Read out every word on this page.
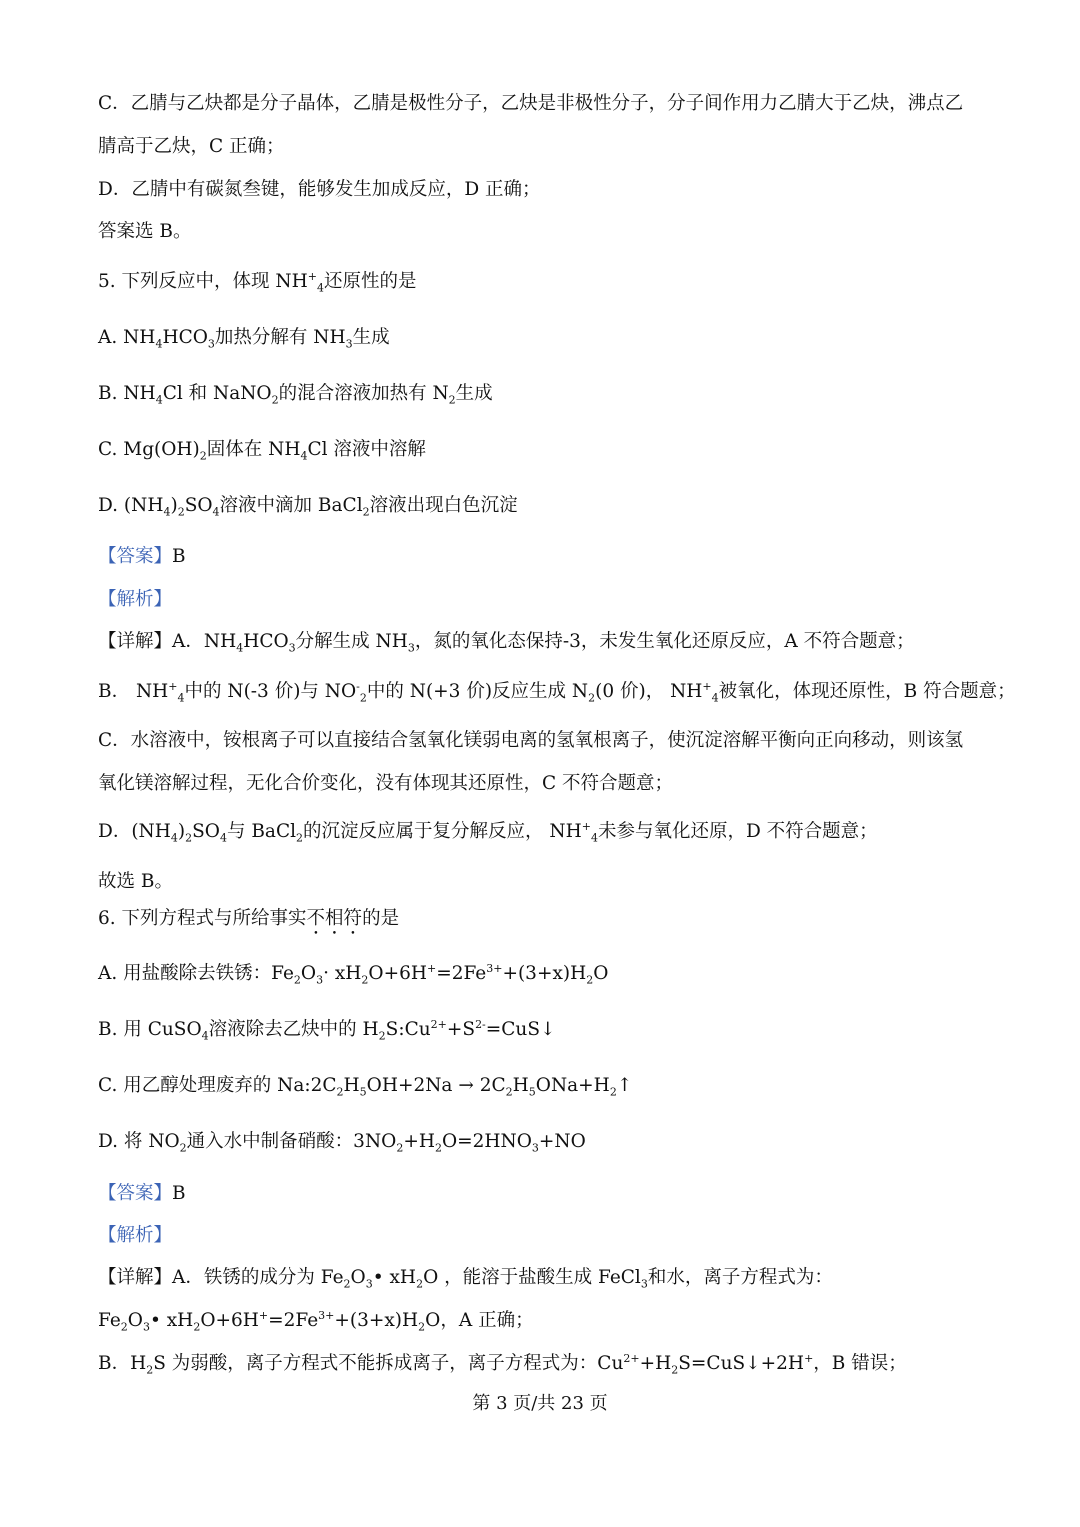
C．乙腈与乙炔都是分子晶体，乙腈是极性分子，乙炔是非极性分子，分子间作用力乙腈大于乙炔，沸点乙
腈高于乙炔，C 正确；
D．乙腈中有碳氮叁键，能够发生加成反应，D 正确；
答案选 B。
5. 下列反应中，体现 $NH^+_4$还原性的是
A. $NH_4HCO_3$加热分解有 $NH_3$生成
B. $NH_4Cl$ 和 NaNO$_2$的混合溶液加热有 $N_2$生成
C. $Mg(OH)_2$固体在 $NH_4Cl$ 溶液中溶解
D. $(NH_4)_2SO_4$溶液中滴加 BaCl$_2$溶液出现白色沉淀
【答案】B
【解析】
【详解】A．$NH_4HCO_3$分解生成 $NH_3$，氮的氧化态保持-3，未发生氧化还原反应，A 不符合题意；
B． $NH^+_4$中的 N(-3 价)与 $NO^-_2$中的 N(+3 价)反应生成 $N_2(0$ 价)， $NH^+_4$被氧化，体现还原性，B 符合题意；
C．水溶液中，铵根离子可以直接结合氢氧化镁弱电离的氢氧根离子，使沉淀溶解平衡向正向移动，则该氢
氧化镁溶解过程，无化合价变化，没有体现其还原性，C 不符合题意；
D．$(NH_4)_2SO_4$与 BaCl$_2$的沉淀反应属于复分解反应， $NH^+_4$未参与氧化还原，D 不符合题意；
故选 B。
6. 下列方程式与所给事实不相符的是
A. 用盐酸除去铁锈：$Fe_2O_3\cdot xH_2O+6H^+=2Fe^{3+}+(3+x)H_2O$
B. 用 CuSO$_4$溶液除去乙炔中的 $H_2S:Cu^{2+}+S^{2-}=CuS↓$
C. 用乙醇处理废弃的 $Na:2C_2H_5OH+2Na$ → $2C_2H_5ONa+H_2↑$
D. 将 $NO_2$通入水中制备硝酸：$3NO_2+H_2O=2HNO_3+NO$
【答案】B
【解析】
【详解】A．铁锈的成分为 $Fe_2O_3•$ $xH_2O$ ，能溶于盐酸生成 FeCl$_3$和水，离子方程式为：
$Fe_2O_3•$ $xH_2O+6H^+=2Fe^{3+}+(3+x)H_2O$，A 正确；
B．$H_2S$ 为弱酸，离子方程式不能拆成离子，离子方程式为：$Cu^{2+}+H_2S=CuS↓+2H^+$，B 错误；
第 3 页/共 23 页
